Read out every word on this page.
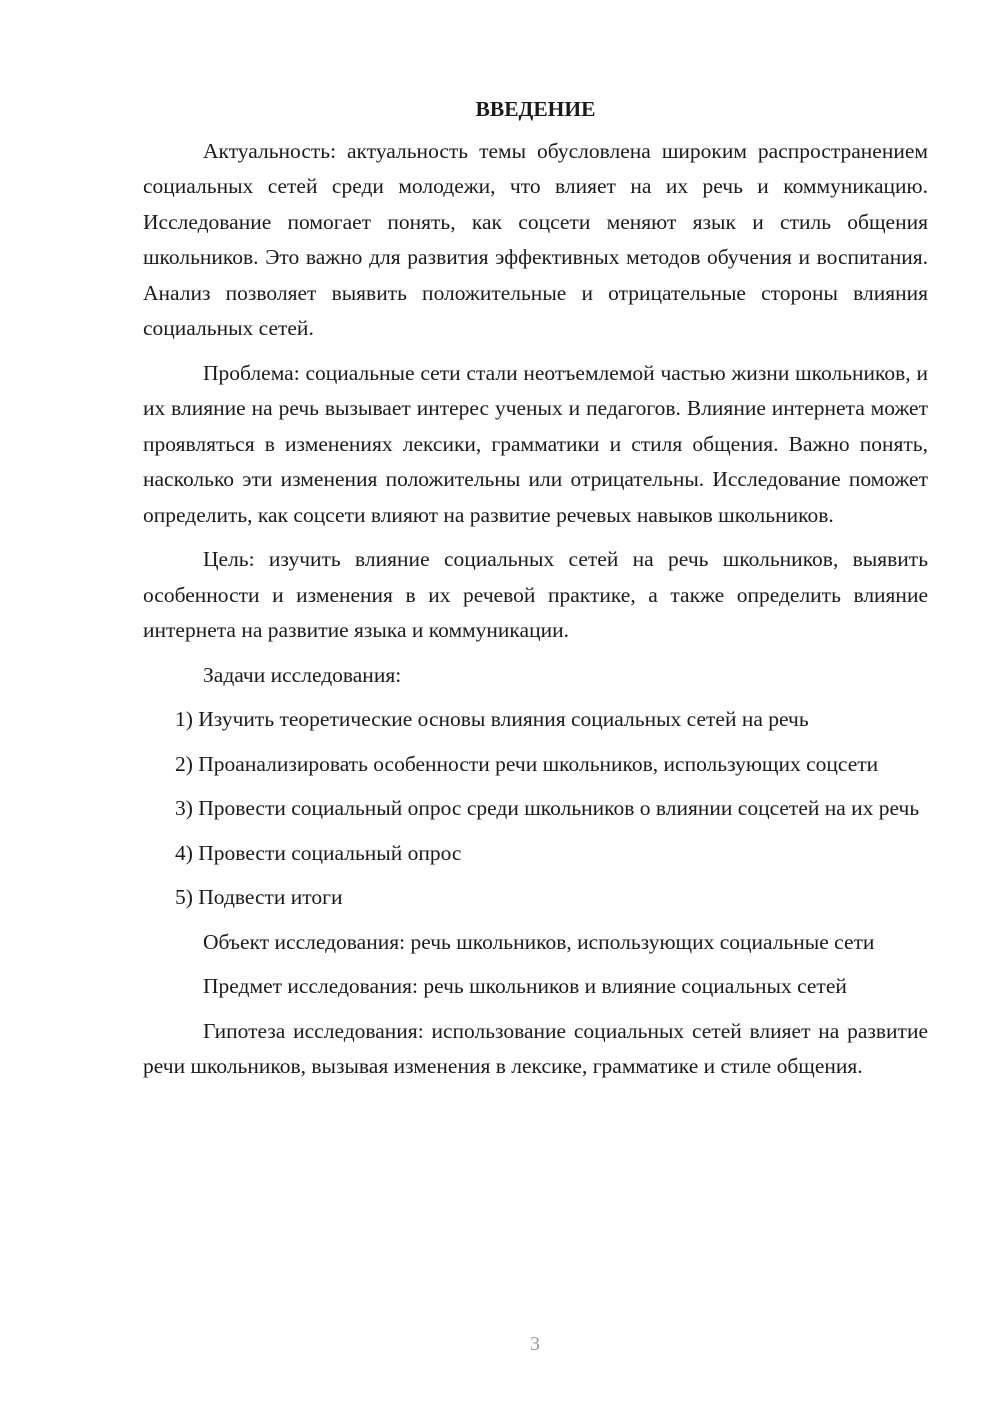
ВВЕДЕНИЕ

Актуальность: актуальность темы обусловлена широким распространением социальных сетей среди молодежи, что влияет на их речь и коммуникацию. Исследование помогает понять, как соцсети меняют язык и стиль общения школьников. Это важно для развития эффективных методов обучения и воспитания. Анализ позволяет выявить положительные и отрицательные стороны влияния социальных сетей.

Проблема: социальные сети стали неотъемлемой частью жизни школьников, и их влияние на речь вызывает интерес ученых и педагогов. Влияние интернета может проявляться в изменениях лексики, грамматики и стиля общения. Важно понять, насколько эти изменения положительны или отрицательны. Исследование поможет определить, как соцсети влияют на развитие речевых навыков школьников.

Цель: изучить влияние социальных сетей на речь школьников, выявить особенности и изменения в их речевой практике, а также определить влияние интернета на развитие языка и коммуникации.

Задачи исследования:

1) Изучить теоретические основы влияния социальных сетей на речь

2) Проанализировать особенности речи школьников, использующих соцсети

3) Провести социальный опрос среди школьников о влиянии соцсетей на их речь

4) Провести социальный опрос

5) Подвести итоги

Объект исследования: речь школьников, использующих социальные сети

Предмет исследования: речь школьников и влияние социальных сетей

Гипотеза исследования: использование социальных сетей влияет на развитие речи школьников, вызывая изменения в лексике, грамматике и стиле общения.

3
